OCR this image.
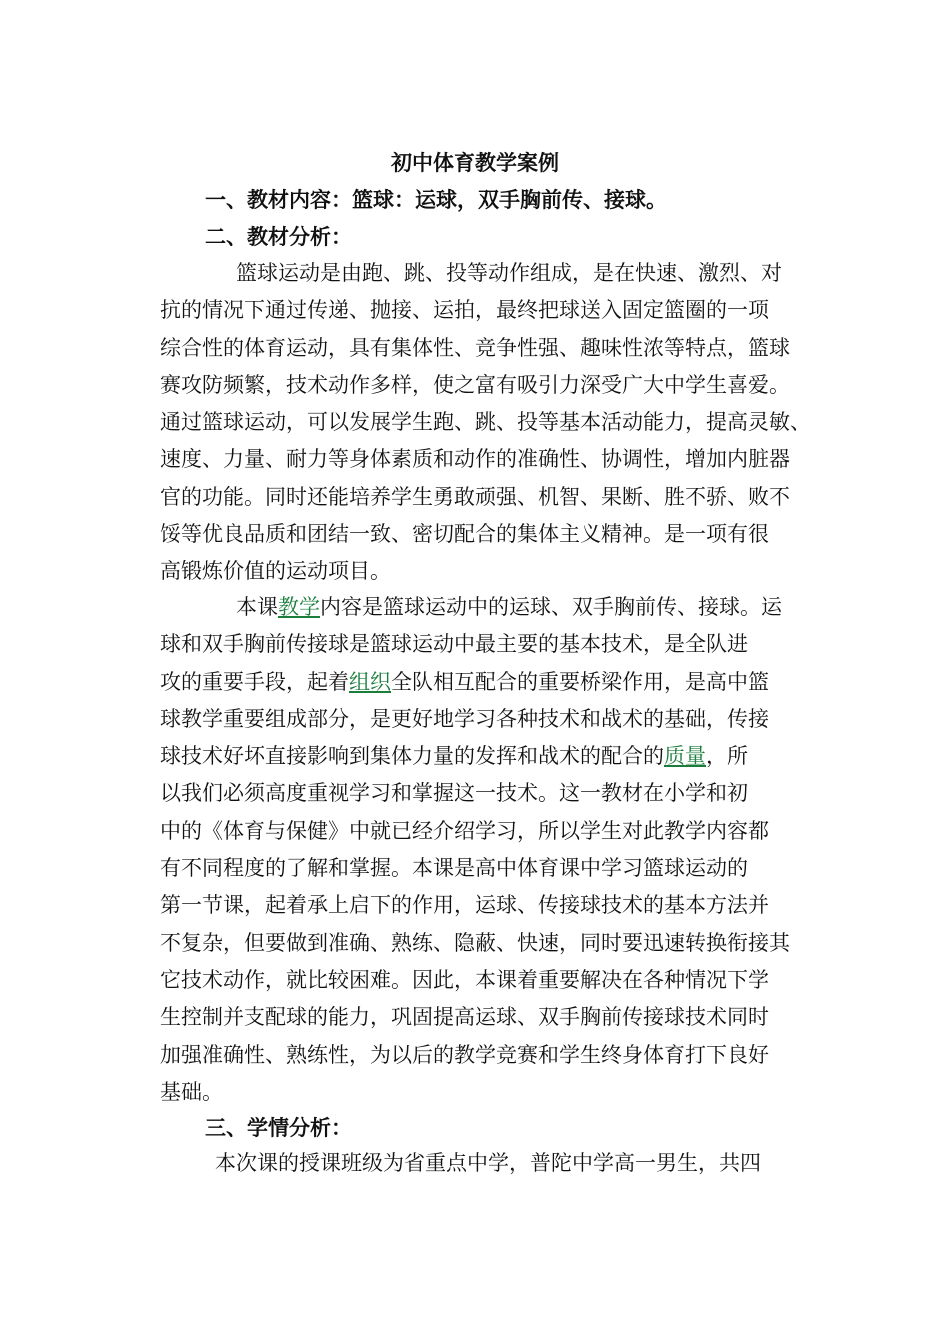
初中体育教学案例
一、教材内容：篮球：运球，双手胸前传、接球。
二、教材分析：
篮球运动是由跑、跳、投等动作组成，是在快速、激烈、对
抗的情况下通过传递、抛接、运拍，最终把球送入固定篮圈的一项
综合性的体育运动，具有集体性、竞争性强、趣味性浓等特点，篮球
赛攻防频繁，技术动作多样，使之富有吸引力深受广大中学生喜爱。
通过篮球运动，可以发展学生跑、跳、投等基本活动能力，提高灵敏、
速度、力量、耐力等身体素质和动作的准确性、协调性，增加内脏器
官的功能。同时还能培养学生勇敢顽强、机智、果断、胜不骄、败不
馁等优良品质和团结一致、密切配合的集体主义精神。是一项有很
高锻炼价值的运动项目。
本课教学内容是篮球运动中的运球、双手胸前传、接球。运
球和双手胸前传接球是篮球运动中最主要的基本技术，是全队进
攻的重要手段，起着组织全队相互配合的重要桥梁作用，是高中篮
球教学重要组成部分，是更好地学习各种技术和战术的基础，传接
球技术好坏直接影响到集体力量的发挥和战术的配合的质量，所
以我们必须高度重视学习和掌握这一技术。这一教材在小学和初
中的《体育与保健》中就已经介绍学习，所以学生对此教学内容都
有不同程度的了解和掌握。本课是高中体育课中学习篮球运动的
第一节课，起着承上启下的作用，运球、传接球技术的基本方法并
不复杂，但要做到准确、熟练、隐蔽、快速，同时要迅速转换衔接其
它技术动作，就比较困难。因此，本课着重要解决在各种情况下学
生控制并支配球的能力，巩固提高运球、双手胸前传接球技术同时
加强准确性、熟练性，为以后的教学竞赛和学生终身体育打下良好
基础。
三、学情分析：
本次课的授课班级为省重点中学，普陀中学高一男生，共四
